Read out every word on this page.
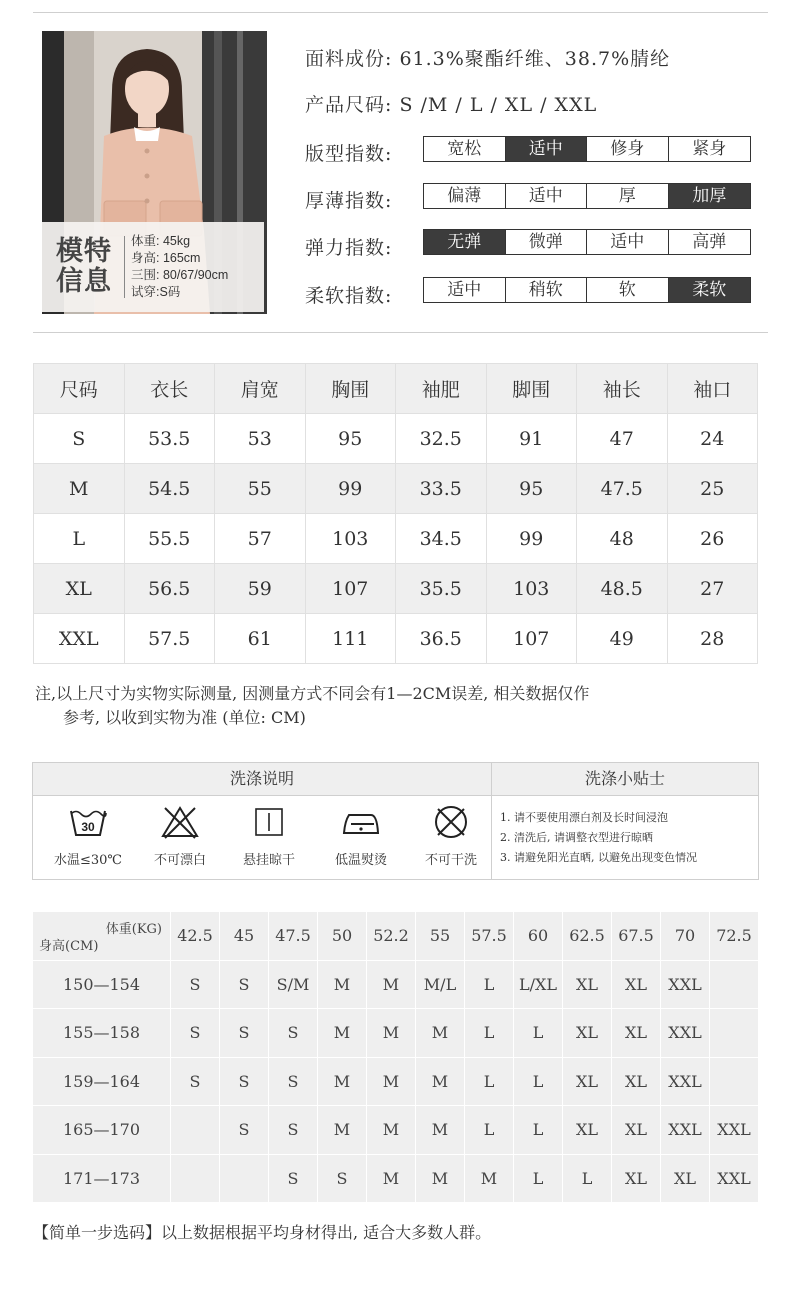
模特
信息
体重: 45kg
身高: 165cm
三围: 80/67/90cm
试穿:S码
面料成份: 61.3%聚酯纤维、38.7%腈纶
产品尺码: S /M / L / XL / XXL
版型指数:	宽松	适中	修身	紧身
厚薄指数:	偏薄	适中	厚	加厚
弹力指数:	无弹	微弹	适中	高弹
柔软指数:	适中	稍软	软	柔软
尺码	衣长	肩宽	胸围	袖肥	脚围	袖长	袖口
S	53.5	53	95	32.5	91	47	24
M	54.5	55	99	33.5	95	47.5	25
L	55.5	57	103	34.5	99	48	26
XL	56.5	59	107	35.5	103	48.5	27
XXL	57.5	61	111	36.5	107	49	28
注,以上尺寸为实物实际测量, 因测量方式不同会有1—2CM误差, 相关数据仅作
参考, 以收到实物为准 (单位: CM)
洗涤说明	洗涤小贴士
30
水温≤30℃	不可漂白	悬挂晾干	低温熨烫	不可干洗
1. 请不要使用漂白剂及长时间浸泡
2. 清洗后, 请调整衣型进行晾晒
3. 请避免阳光直晒, 以避免出现变色情况
体重(KG)
身高(CM)	42.5	45	47.5	50	52.2	55	57.5	60	62.5	67.5	70	72.5
150—154	S	S	S/M	M	M	M/L	L	L/XL	XL	XL	XXL	
155—158	S	S	S	M	M	M	L	L	XL	XL	XXL	
159—164	S	S	S	M	M	M	L	L	XL	XL	XXL	
165—170		S	S	M	M	M	L	L	XL	XL	XXL	XXL
171—173			S	S	M	M	M	L	L	XL	XL	XXL
【简单一步选码】以上数据根据平均身材得出, 适合大多数人群。
